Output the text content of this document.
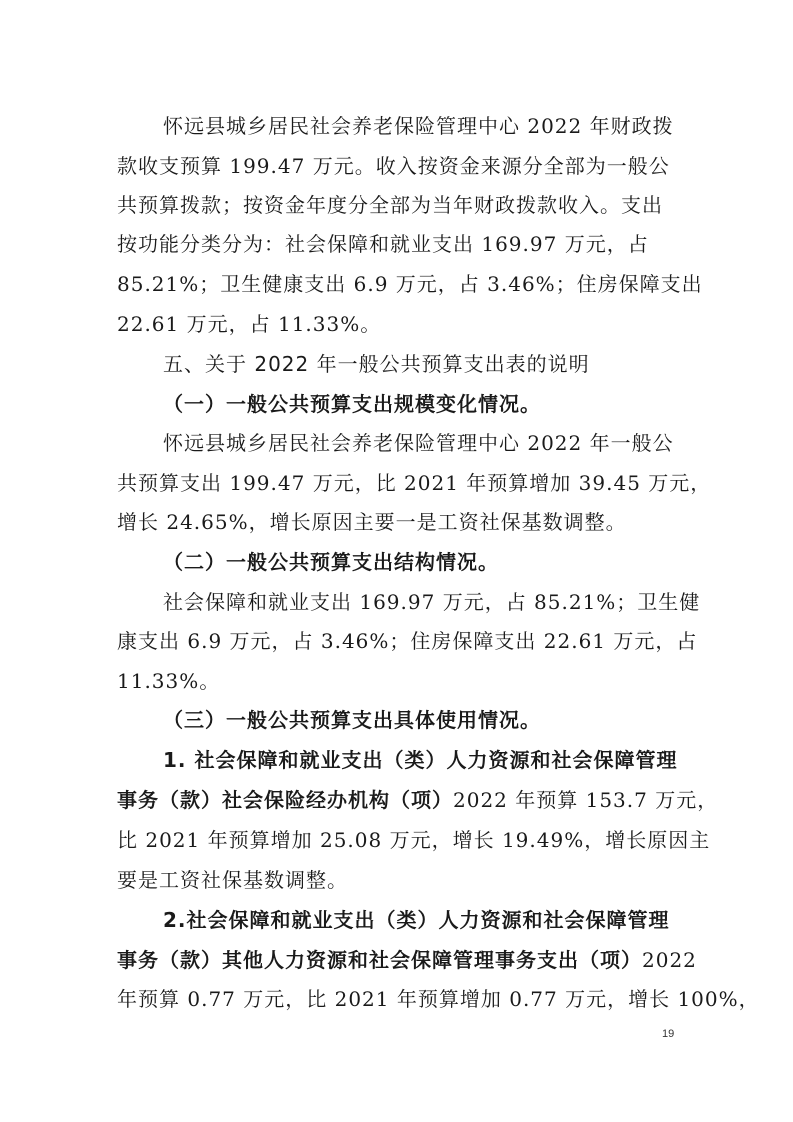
怀远县城乡居民社会养老保险管理中心 2022 年财政拨
款收支预算 199.47 万元。收入按资金来源分全部为一般公
共预算拨款；按资金年度分全部为当年财政拨款收入。支出
按功能分类分为：社会保障和就业支出 169.97 万元，占
85.21%；卫生健康支出 6.9 万元，占 3.46%；住房保障支出
22.61 万元，占 11.33%。
五、关于 2022 年一般公共预算支出表的说明
（一）一般公共预算支出规模变化情况。
怀远县城乡居民社会养老保险管理中心 2022 年一般公
共预算支出 199.47 万元，比 2021 年预算增加 39.45 万元，
增长 24.65%，增长原因主要一是工资社保基数调整。
（二）一般公共预算支出结构情况。
社会保障和就业支出 169.97 万元，占 85.21%；卫生健
康支出 6.9 万元，占 3.46%；住房保障支出 22.61 万元，占
11.33%。
（三）一般公共预算支出具体使用情况。
1. 社会保障和就业支出（类）人力资源和社会保障管理
事务（款）社会保险经办机构（项）2022 年预算 153.7 万元，
比 2021 年预算增加 25.08 万元，增长 19.49%，增长原因主
要是工资社保基数调整。
2.社会保障和就业支出（类）人力资源和社会保障管理
事务（款）其他人力资源和社会保障管理事务支出（项）2022
年预算 0.77 万元，比 2021 年预算增加 0.77 万元，增长 100%，
19
